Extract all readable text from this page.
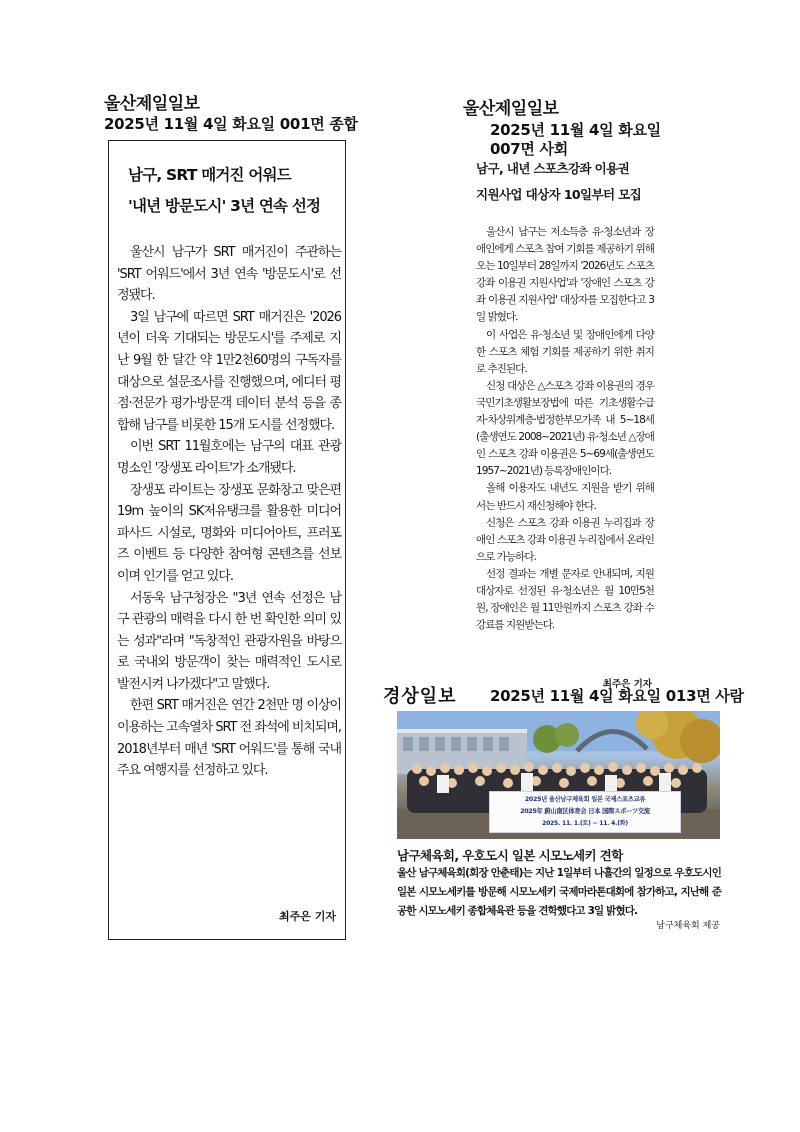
울산제일일보
2025년 11월 4일 화요일 001면 종합
남구, SRT 매거진 어워드
'내년 방문도시' 3년 연속 선정

울산시 남구가 SRT 매거진이 주관하는 'SRT 어워드'에서 3년 연속 '방문도시'로 선정됐다.

3일 남구에 따르면 SRT 매거진은 '2026년이 더욱 기대되는 방문도시'를 주제로 지난 9월 한 달간 약 1만2천60명의 구독자를 대상으로 설문조사를 진행했으며, 에디터 평점·전문가 평가·방문객 데이터 분석 등을 종합해 남구를 비롯한 15개 도시를 선정했다.

이번 SRT 11월호에는 남구의 대표 관광 명소인 '장생포 라이트'가 소개됐다.

장생포 라이트는 장생포 문화창고 맞은편 19m 높이의 SK저유탱크를 활용한 미디어파사드 시설로, 명화와 미디어아트, 프러포즈 이벤트 등 다양한 참여형 콘텐츠를 선보이며 인기를 얻고 있다.

서동욱 남구청장은 "3년 연속 선정은 남구 관광의 매력을 다시 한 번 확인한 의미 있는 성과"라며 "독창적인 관광자원을 바탕으로 국내외 방문객이 찾는 매력적인 도시로 발전시켜 나가겠다"고 말했다.

한편 SRT 매거진은 연간 2천만 명 이상이 이용하는 고속열차 SRT 전 좌석에 비치되며, 2018년부터 매년 'SRT 어워드'를 통해 국내 주요 여행지를 선정하고 있다.

최주은 기자
울산제일일보
2025년 11월 4일 화요일
007면 사회
남구, 내년 스포츠강좌 이용권
지원사업 대상자 10일부터 모집

울산시 남구는 저소득층 유·청소년과 장애인에게 스포츠 참여 기회를 제공하기 위해 오는 10일부터 28일까지 '2026년도 스포츠 강좌 이용권 지원사업'과 '장애인 스포츠 강좌 이용권 지원사업' 대상자를 모집한다고 3일 밝혔다.

이 사업은 유·청소년 및 장애인에게 다양한 스포츠 체험 기회를 제공하기 위한 취지로 추진된다.

신청 대상은 △스포츠 강좌 이용권의 경우 국민기초생활보장법에 따른 기초생활수급자·차상위계층·법정한부모가족 내 5~18세(출생연도 2008~2021년) 유·청소년 △장애인 스포츠 강좌 이용권은 5~69세(출생연도 1957~2021년) 등록장애인이다.

올해 이용자도 내년도 지원을 받기 위해서는 반드시 재신청해야 한다.

신청은 스포츠 강좌 이용권 누리집과 장애인 스포츠 강좌 이용권 누리집에서 온라인으로 가능하다.

선정 결과는 개별 문자로 안내되며, 지원대상자로 선정된 유·청소년은 월 10만5천원, 장애인은 월 11만원까지 스포츠 강좌 수강료를 지원받는다.

최주은 기자
경상일보 2025년 11월 4일 화요일 013면 사람
2025년 울산남구체육회 일본 국제스포츠교류
2025年 蔚山南区体育会 日本 国際スポーツ交流
2025. 11. 1.(토) ~ 11. 4.(화)
남구체육회, 우호도시 일본 시모노세키 견학
울산 남구체육회(회장 안춘태)는 지난 1일부터 나흘간의 일정으로 우호도시인 일본 시모노세키를 방문해 시모노세키 국제마라톤대회에 참가하고, 지난해 준공한 시모노세키 종합체육관 등을 견학했다고 3일 밝혔다.
남구체육회 제공
